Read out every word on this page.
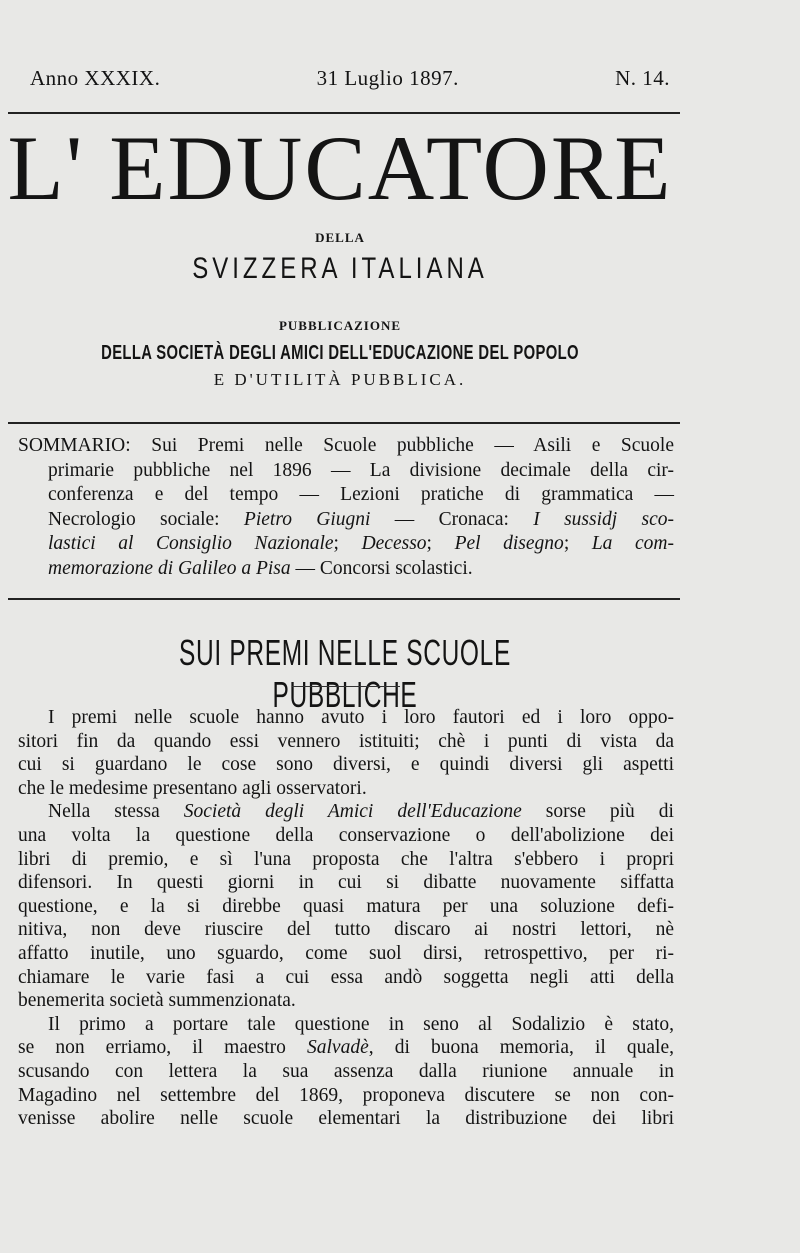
Anno XXXIX.	31 Luglio 1897.	N. 14.
L' EDUCATORE
DELLA
SVIZZERA ITALIANA
PUBBLICAZIONE
DELLA SOCIETÀ DEGLI AMICI DELL'EDUCAZIONE DEL POPOLO
E D'UTILITÀ PUBBLICA.
SOMMARIO: Sui Premi nelle Scuole pubbliche — Asili e Scuole
primarie pubbliche nel 1896 — La divisione decimale della cir-
conferenza e del tempo — Lezioni pratiche di grammatica —
Necrologio sociale: Pietro Giugni — Cronaca: I sussidj sco-
lastici al Consiglio Nazionale; Decesso; Pel disegno; La com-
memorazione di Galileo a Pisa — Concorsi scolastici.
SUI PREMI NELLE SCUOLE PUBBLICHE
I premi nelle scuole hanno avuto i loro fautori ed i loro oppo-
sitori fin da quando essi vennero istituiti; chè i punti di vista da
cui si guardano le cose sono diversi, e quindi diversi gli aspetti
che le medesime presentano agli osservatori.
Nella stessa Società degli Amici dell'Educazione sorse più di
una volta la questione della conservazione o dell'abolizione dei
libri di premio, e sì l'una proposta che l'altra s'ebbero i propri
difensori. In questi giorni in cui si dibatte nuovamente siffatta
questione, e la si direbbe quasi matura per una soluzione defi-
nitiva, non deve riuscire del tutto discaro ai nostri lettori, nè
affatto inutile, uno sguardo, come suol dirsi, retrospettivo, per ri-
chiamare le varie fasi a cui essa andò soggetta negli atti della
benemerita società summenzionata.
Il primo a portare tale questione in seno al Sodalizio è stato,
se non erriamo, il maestro Salvadè, di buona memoria, il quale,
scusando con lettera la sua assenza dalla riunione annuale in
Magadino nel settembre del 1869, proponeva discutere se non con-
venisse abolire nelle scuole elementari la distribuzione dei libri
